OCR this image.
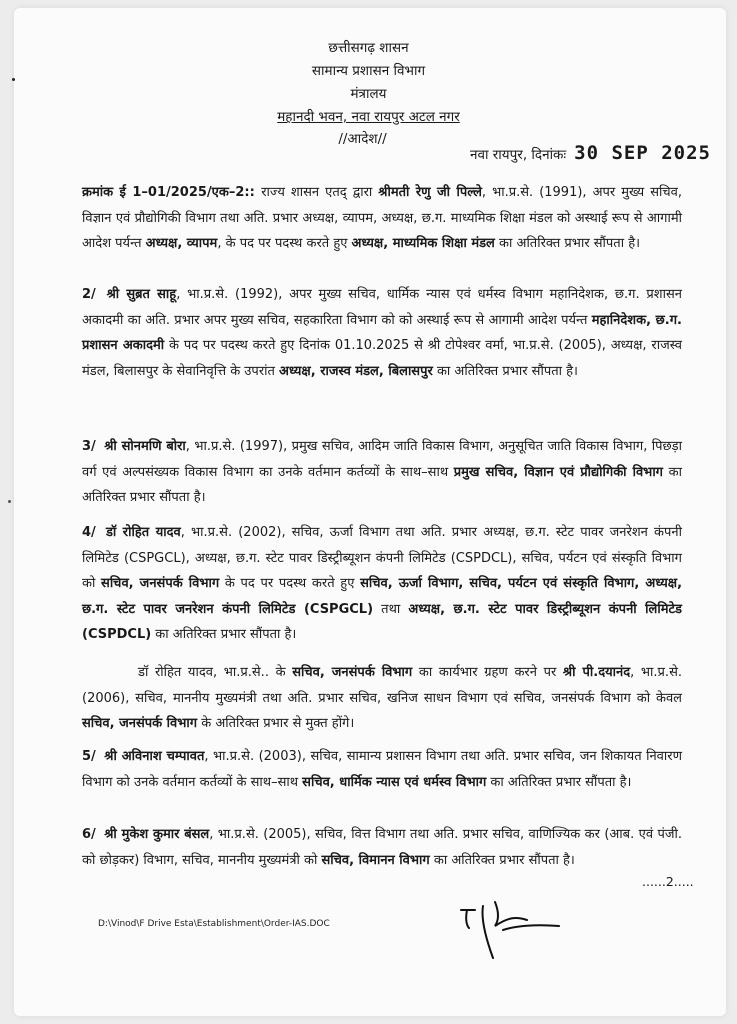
छत्तीसगढ़ शासन
सामान्य प्रशासन विभाग
मंत्रालय
महानदी भवन, नवा रायपुर अटल नगर
//आदेश//
नवा रायपुर, दिनांकः 30 SEP 2025
क्रमांक ई 1–01/2025/एक–2:: राज्य शासन एतद् द्वारा श्रीमती रेणु जी पिल्ले, भा.प्र.से. (1991), अपर मुख्य सचिव, विज्ञान एवं प्रौद्योगिकी विभाग तथा अति. प्रभार अध्यक्ष, व्यापम, अध्यक्ष, छ.ग. माध्यमिक शिक्षा मंडल को अस्थाई रूप से आगामी आदेश पर्यन्त अध्यक्ष, व्यापम, के पद पर पदस्थ करते हुए अध्यक्ष, माध्यमिक शिक्षा मंडल का अतिरिक्त प्रभार सौंपता है।
2/ श्री सुब्रत साहू, भा.प्र.से. (1992), अपर मुख्य सचिव, धार्मिक न्यास एवं धर्मस्व विभाग महानिदेशक, छ.ग. प्रशासन अकादमी का अति. प्रभार अपर मुख्य सचिव, सहकारिता विभाग को को अस्थाई रूप से आगामी आदेश पर्यन्त महानिदेशक, छ.ग. प्रशासन अकादमी के पद पर पदस्थ करते हुए दिनांक 01.10.2025 से श्री टोपेश्वर वर्मा, भा.प्र.से. (2005), अध्यक्ष, राजस्व मंडल, बिलासपुर के सेवानिवृत्ति के उपरांत अध्यक्ष, राजस्व मंडल, बिलासपुर का अतिरिक्त प्रभार सौंपता है।
3/ श्री सोनमणि बोरा, भा.प्र.से. (1997), प्रमुख सचिव, आदिम जाति विकास विभाग, अनुसूचित जाति विकास विभाग, पिछड़ा वर्ग एवं अल्पसंख्यक विकास विभाग का उनके वर्तमान कर्तव्यों के साथ–साथ प्रमुख सचिव, विज्ञान एवं प्रौद्योगिकी विभाग का अतिरिक्त प्रभार सौंपता है।
4/ डॉ रोहित यादव, भा.प्र.से. (2002), सचिव, ऊर्जा विभाग तथा अति. प्रभार अध्यक्ष, छ.ग. स्टेट पावर जनरेशन कंपनी लिमिटेड (CSPGCL), अध्यक्ष, छ.ग. स्टेट पावर डिस्ट्रीब्यूशन कंपनी लिमिटेड (CSPDCL), सचिव, पर्यटन एवं संस्कृति विभाग को सचिव, जनसंपर्क विभाग के पद पर पदस्थ करते हुए सचिव, ऊर्जा विभाग, सचिव, पर्यटन एवं संस्कृति विभाग, अध्यक्ष, छ.ग. स्टेट पावर जनरेशन कंपनी लिमिटेड (CSPGCL) तथा अध्यक्ष, छ.ग. स्टेट पावर डिस्ट्रीब्यूशन कंपनी लिमिटेड (CSPDCL) का अतिरिक्त प्रभार सौंपता है।
डॉ रोहित यादव, भा.प्र.से.. के सचिव, जनसंपर्क विभाग का कार्यभार ग्रहण करने पर श्री पी.दयानंद, भा.प्र.से. (2006), सचिव, माननीय मुख्यमंत्री तथा अति. प्रभार सचिव, खनिज साधन विभाग एवं सचिव, जनसंपर्क विभाग को केवल सचिव, जनसंपर्क विभाग के अतिरिक्त प्रभार से मुक्त होंगे।
5/ श्री अविनाश चम्पावत, भा.प्र.से. (2003), सचिव, सामान्य प्रशासन विभाग तथा अति. प्रभार सचिव, जन शिकायत निवारण विभाग को उनके वर्तमान कर्तव्यों के साथ–साथ सचिव, धार्मिक न्यास एवं धर्मस्व विभाग का अतिरिक्त प्रभार सौंपता है।
6/ श्री मुकेश कुमार बंसल, भा.प्र.से. (2005), सचिव, वित्त विभाग तथा अति. प्रभार सचिव, वाणिज्यिक कर (आब. एवं पंजी. को छोड़कर) विभाग, सचिव, माननीय मुख्यमंत्री को सचिव, विमानन विभाग का अतिरिक्त प्रभार सौंपता है।
......2.....
D:\Vinod\F Drive Esta\Establishment\Order-IAS.DOC
